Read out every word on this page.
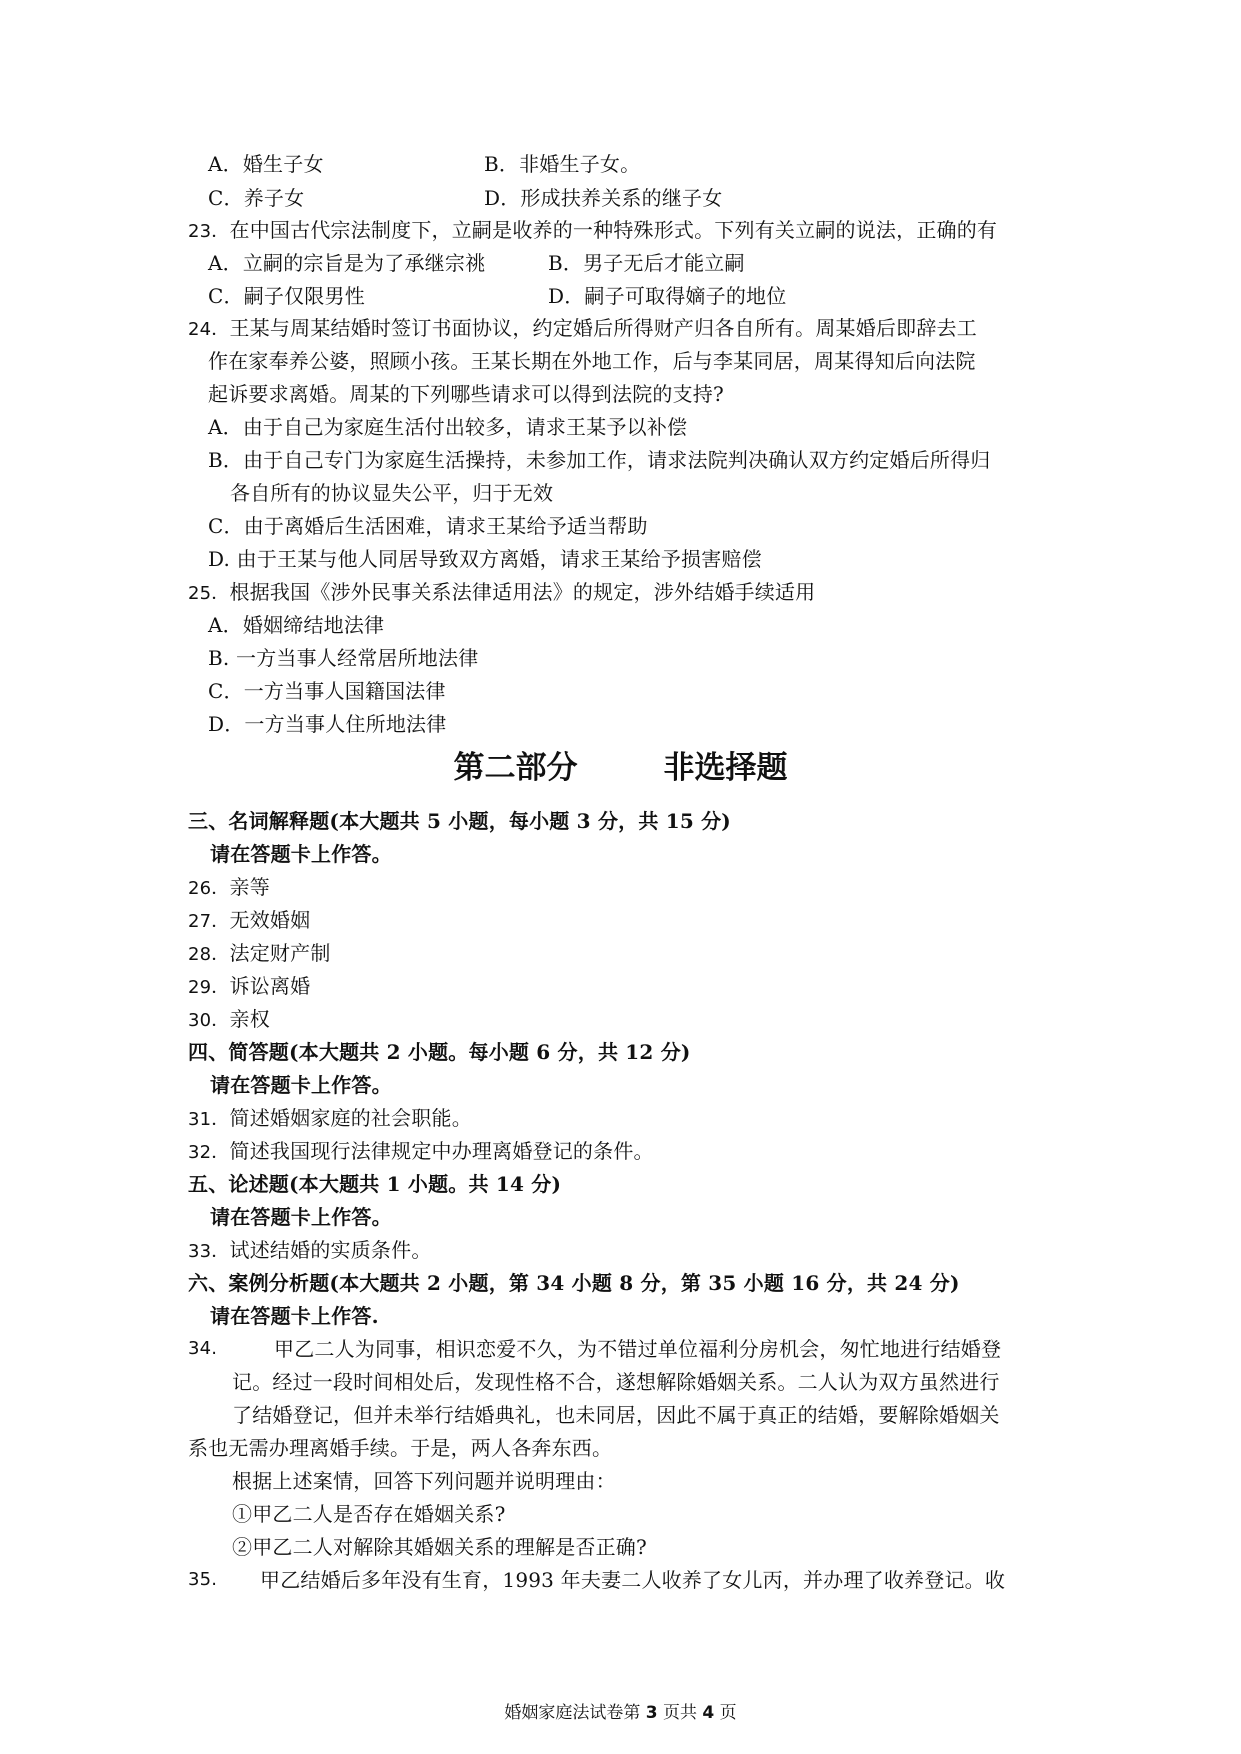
A．婚生子女	B．非婚生子女。
C．养子女	D．形成扶养关系的继子女
23．在中国古代宗法制度下，立嗣是收养的一种特殊形式。下列有关立嗣的说法，正确的有
A．立嗣的宗旨是为了承继宗祧	B．男子无后才能立嗣
C．嗣子仅限男性	D．嗣子可取得嫡子的地位
24．王某与周某结婚时签订书面协议，约定婚后所得财产归各自所有。周某婚后即辞去工
作在家奉养公婆，照顾小孩。王某长期在外地工作，后与李某同居，周某得知后向法院
起诉要求离婚。周某的下列哪些请求可以得到法院的支持?
A．由于自己为家庭生活付出较多，请求王某予以补偿
B．由于自己专门为家庭生活操持，未参加工作，请求法院判决确认双方约定婚后所得归
各自所有的协议显失公平，归于无效
C．由于离婚后生活困难，请求王某给予适当帮助
D. 由于王某与他人同居导致双方离婚，请求王某给予损害赔偿
25．根据我国《涉外民事关系法律适用法》的规定，涉外结婚手续适用
A．婚姻缔结地法律
B. 一方当事人经常居所地法律
C．一方当事人国籍国法律
D．一方当事人住所地法律
第二部分	非选择题
三、名词解释题(本大题共 5 小题，每小题 3 分，共 15 分)
请在答题卡上作答。
26．亲等
27．无效婚姻
28．法定财产制
29．诉讼离婚
30．亲权
四、简答题(本大题共 2 小题。每小题 6 分，共 12 分)
请在答题卡上作答。
31．简述婚姻家庭的社会职能。
32．简述我国现行法律规定中办理离婚登记的条件。
五、论述题(本大题共 1 小题。共 14 分)
请在答题卡上作答。
33．试述结婚的实质条件。
六、案例分析题(本大题共 2 小题，第 34 小题 8 分，第 35 小题 16 分，共 24 分)
请在答题卡上作答.
34.	甲乙二人为同事，相识恋爱不久，为不错过单位福利分房机会，匆忙地进行结婚登
记。经过一段时间相处后，发现性格不合，遂想解除婚姻关系。二人认为双方虽然进行
了结婚登记，但并未举行结婚典礼，也未同居，因此不属于真正的结婚，要解除婚姻关
系也无需办理离婚手续。于是，两人各奔东西。
根据上述案情，回答下列问题并说明理由：
①甲乙二人是否存在婚姻关系?
②甲乙二人对解除其婚姻关系的理解是否正确?
35. 甲乙结婚后多年没有生育，1993 年夫妻二人收养了女儿丙，并办理了收养登记。收
婚姻家庭法试卷第 3 页共 4 页
